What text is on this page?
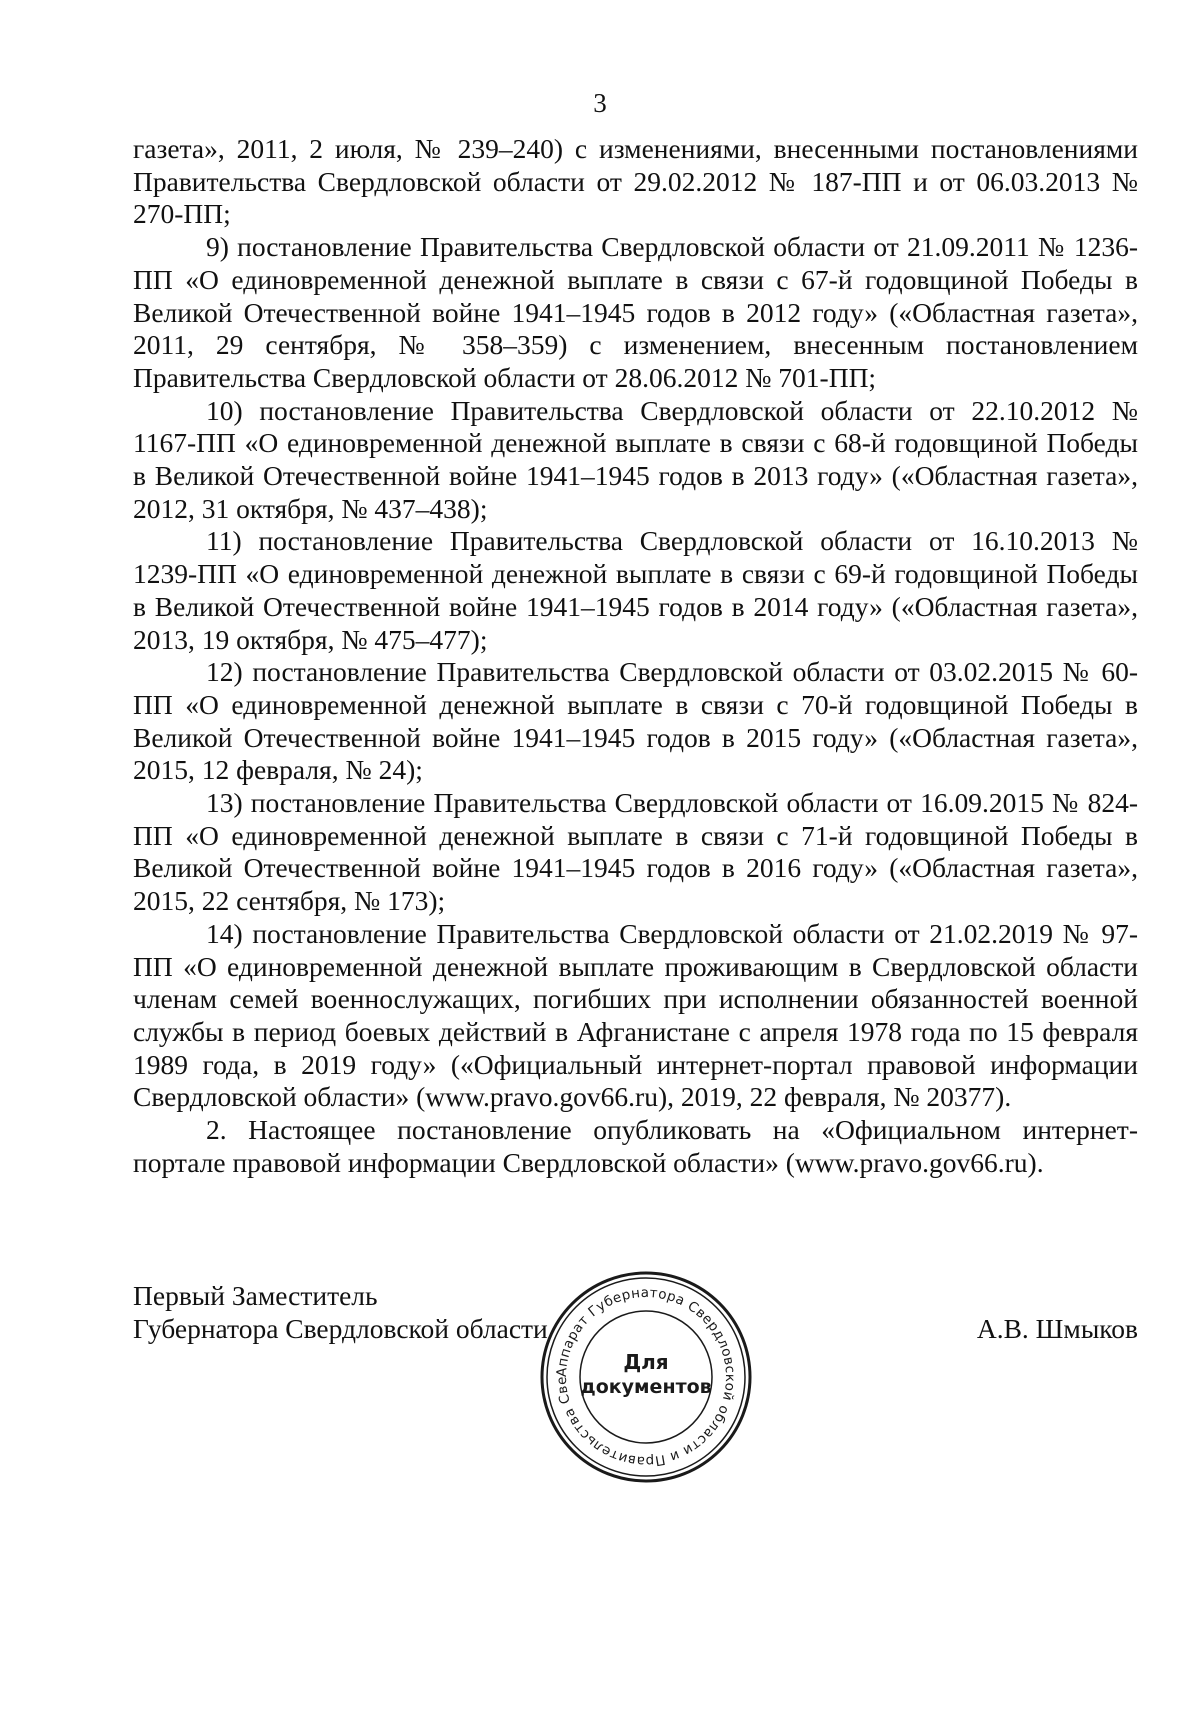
3

газета», 2011, 2 июля, № 239–240) с изменениями, внесенными постановлениями Правительства Свердловской области от 29.02.2012 № 187-ПП и от 06.03.2013 № 270-ПП;

9) постановление Правительства Свердловской области от 21.09.2011 № 1236-ПП «О единовременной денежной выплате в связи с 67-й годовщиной Победы в Великой Отечественной войне 1941–1945 годов в 2012 году» («Областная газета», 2011, 29 сентября, № 358–359) с изменением, внесенным постановлением Правительства Свердловской области от 28.06.2012 № 701-ПП;

10) постановление Правительства Свердловской области от 22.10.2012 № 1167-ПП «О единовременной денежной выплате в связи с 68-й годовщиной Победы в Великой Отечественной войне 1941–1945 годов в 2013 году» («Областная газета», 2012, 31 октября, № 437–438);

11) постановление Правительства Свердловской области от 16.10.2013 № 1239-ПП «О единовременной денежной выплате в связи с 69-й годовщиной Победы в Великой Отечественной войне 1941–1945 годов в 2014 году» («Областная газета», 2013, 19 октября, № 475–477);

12) постановление Правительства Свердловской области от 03.02.2015 № 60-ПП «О единовременной денежной выплате в связи с 70-й годовщиной Победы в Великой Отечественной войне 1941–1945 годов в 2015 году» («Областная газета», 2015, 12 февраля, № 24);

13) постановление Правительства Свердловской области от 16.09.2015 № 824-ПП «О единовременной денежной выплате в связи с 71-й годовщиной Победы в Великой Отечественной войне 1941–1945 годов в 2016 году» («Областная газета», 2015, 22 сентября, № 173);

14) постановление Правительства Свердловской области от 21.02.2019 № 97-ПП «О единовременной денежной выплате проживающим в Свердловской области членам семей военнослужащих, погибших при исполнении обязанностей военной службы в период боевых действий в Афганистане с апреля 1978 года по 15 февраля 1989 года, в 2019 году» («Официальный интернет-портал правовой информации Свердловской области» (www.pravo.gov66.ru), 2019, 22 февраля, № 20377).

2. Настоящее постановление опубликовать на «Официальном интернет-портале правовой информации Свердловской области» (www.pravo.gov66.ru).

Первый Заместитель
Губернатора Свердловской области	А.В. Шмыков
Аппарат Губернатора Свердловской области и Правительства Свердловской области *
Для
документов
